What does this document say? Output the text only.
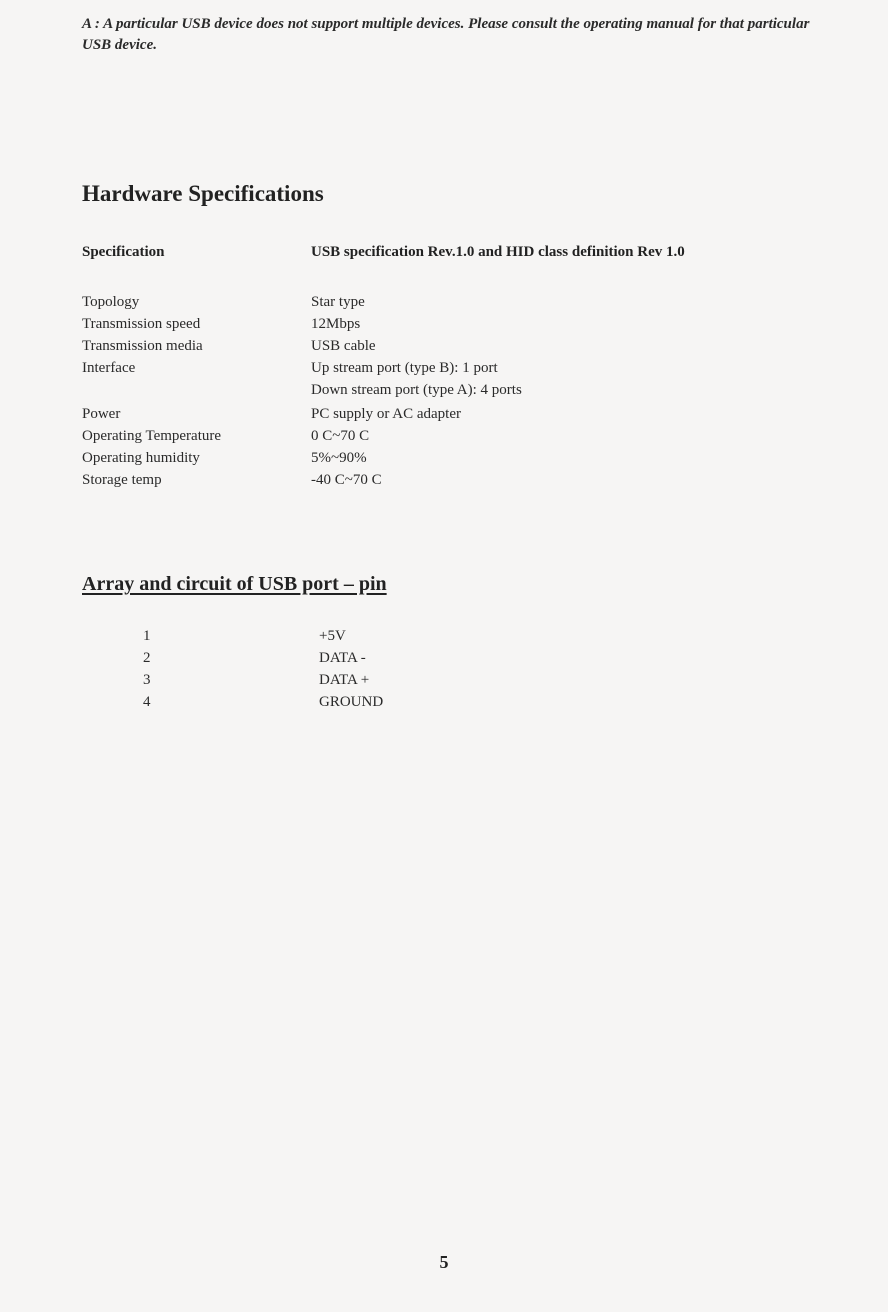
A : A particular USB device does not support multiple devices. Please consult the operating manual for that particular USB device.
Hardware Specifications
Specification	USB specification Rev.1.0 and HID class definition Rev 1.0
Topology	Star type
Transmission speed	12Mbps
Transmission media	USB cable
Interface	Up stream port (type B): 1 port
Down stream port (type A): 4 ports
Power	PC supply or AC adapter
Operating Temperature	0 C~70 C
Operating humidity	5%~90%
Storage temp	-40 C~70 C
Array and circuit of USB port – pin
1	+5V
2	DATA -
3	DATA +
4	GROUND
5
